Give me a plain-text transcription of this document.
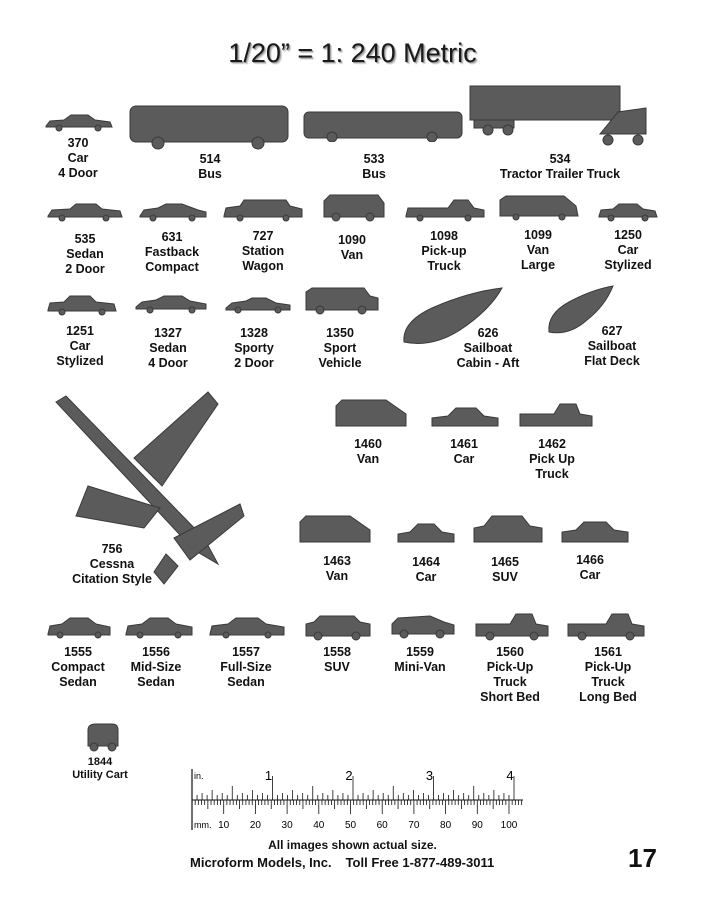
1/20” = 1: 240 Metric
370
Car
4 Door
514
Bus
533
Bus
534
Tractor Trailer Truck
535
Sedan
2 Door
631
Fastback
Compact
727
Station
Wagon
1090
Van
1098
Pick-up
Truck
1099
Van
Large
1250
Car
Stylized
1251
Car
Stylized
1327
Sedan
4 Door
1328
Sporty
2 Door
1350
Sport
Vehicle
626
Sailboat
Cabin - Aft
627
Sailboat
Flat Deck
756
Cessna
Citation Style
1460
Van
1461
Car
1462
Pick Up
Truck
1463
Van
1464
Car
1465
SUV
1466
Car
1555
Compact
Sedan
1556
Mid-Size
Sedan
1557
Full-Size
Sedan
1558
SUV
1559
Mini-Van
1560
Pick-Up
Truck
Short Bed
1561
Pick-Up
Truck
Long Bed
1844
Utility Cart	in.
mm.
1	2	3	4
10 20 30 40 50 60 70 80 90 100
All images shown actual size.
Microform Models, Inc. Toll Free 1-877-489-3011	17
